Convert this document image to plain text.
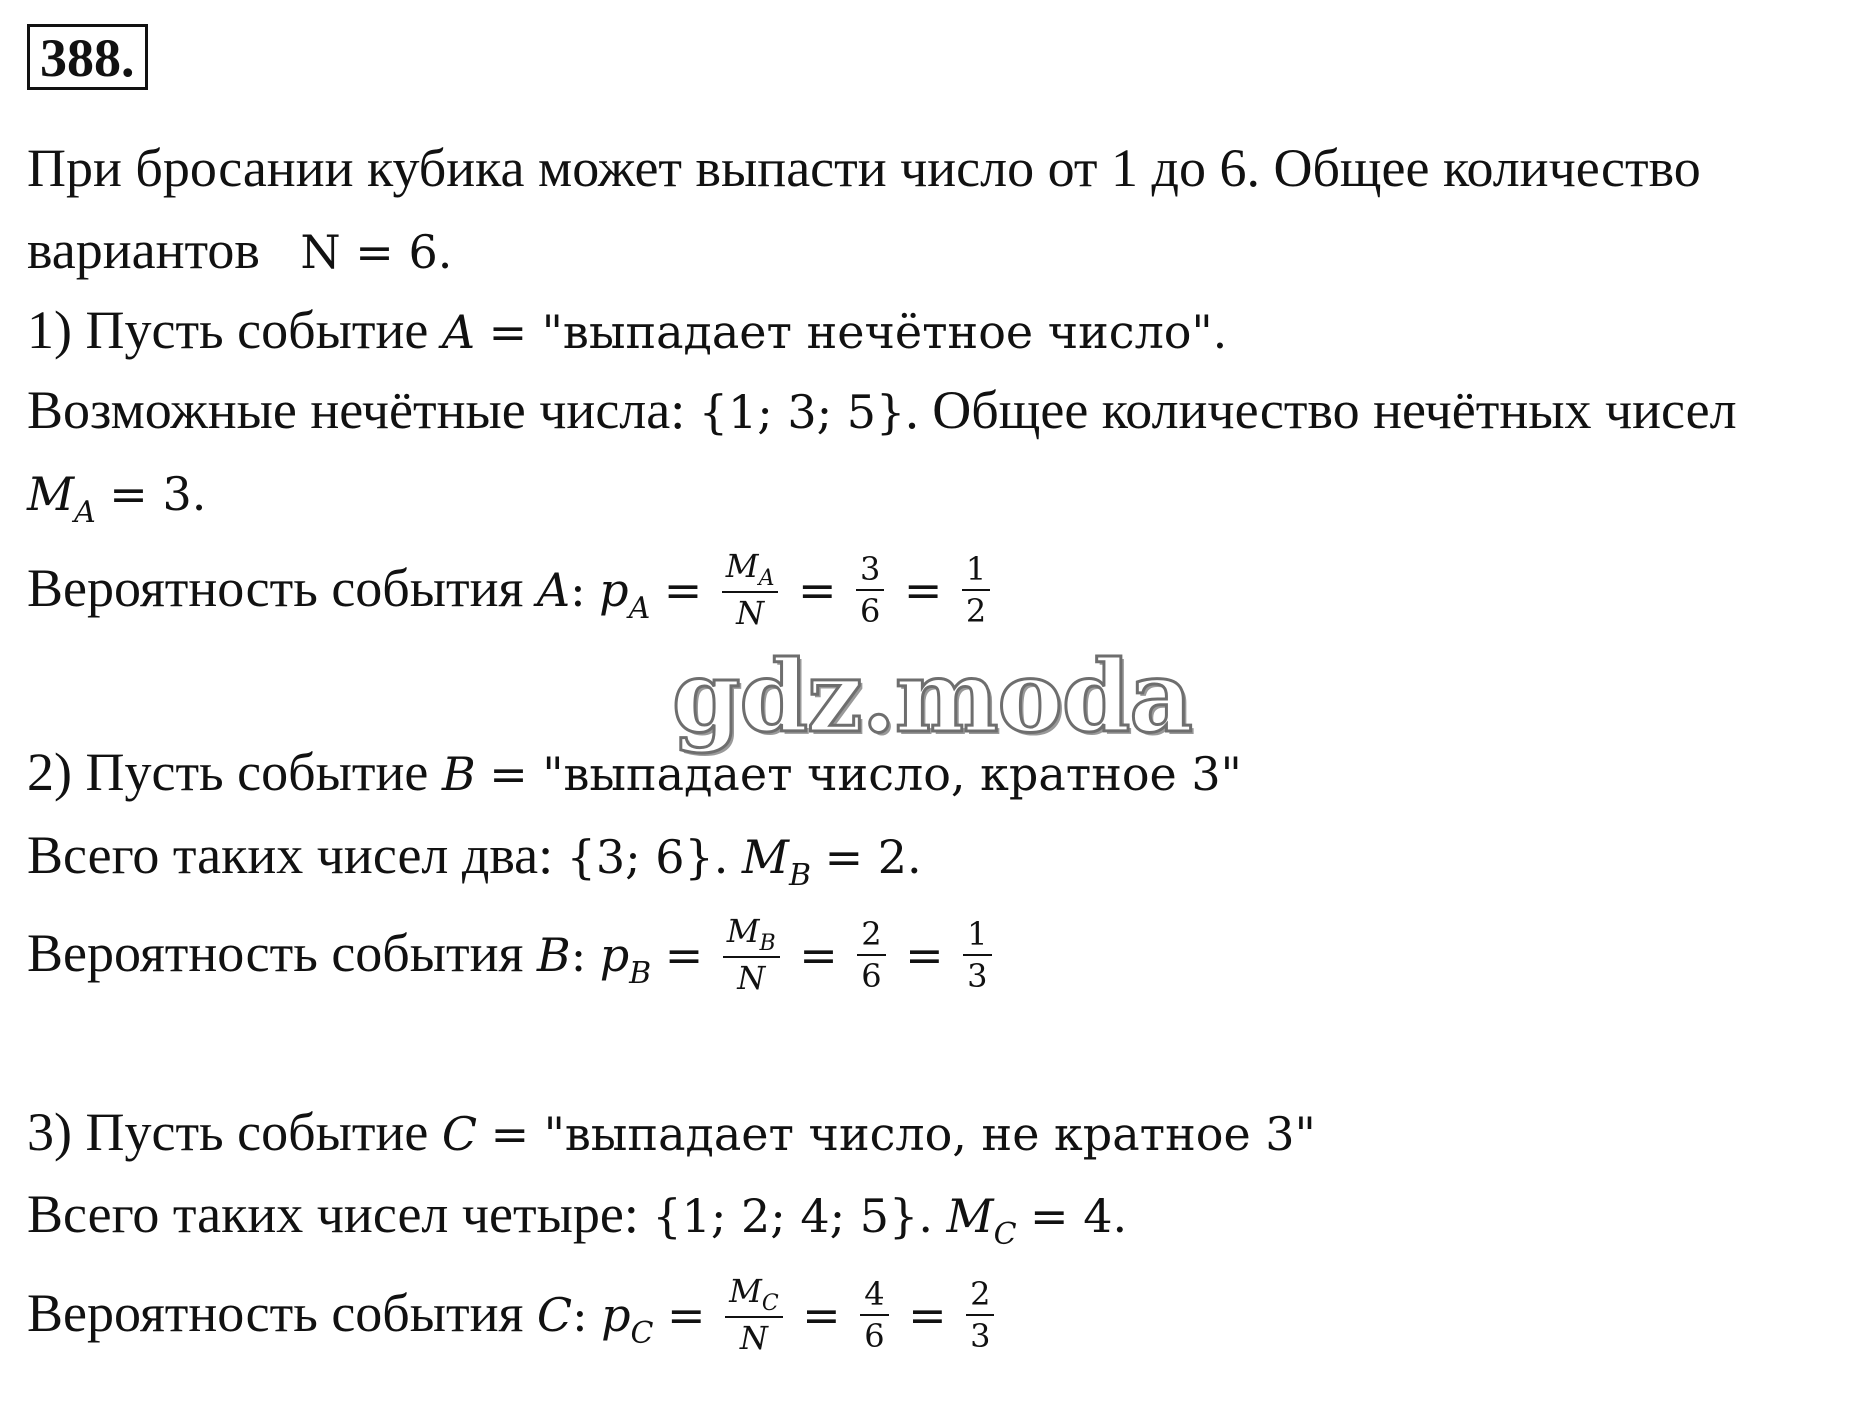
388.
При бросании кубика может выпасти число от 1 до 6. Общее количество
вариантов N = 6.
1) Пусть событие A = "выпадает нечётное число".
Возможные нечётные числа: {1; 3; 5}. Общее количество нечётных чисел
$M_A = 3$.
Вероятность события A: $p_A = \frac{M_A}{N} = \frac{3}{6} = \frac{1}{2}$
gdz.moda
2) Пусть событие B = "выпадает число, кратное 3"
Всего таких чисел два: {3; 6}. $M_B = 2$.
Вероятность события B: $p_B = \frac{M_B}{N} = \frac{2}{6} = \frac{1}{3}$
3) Пусть событие C = "выпадает число, не кратное 3"
Всего таких чисел четыре: {1; 2; 4; 5}. $M_C = 4$.
Вероятность события C: $p_C = \frac{M_C}{N} = \frac{4}{6} = \frac{2}{3}$
